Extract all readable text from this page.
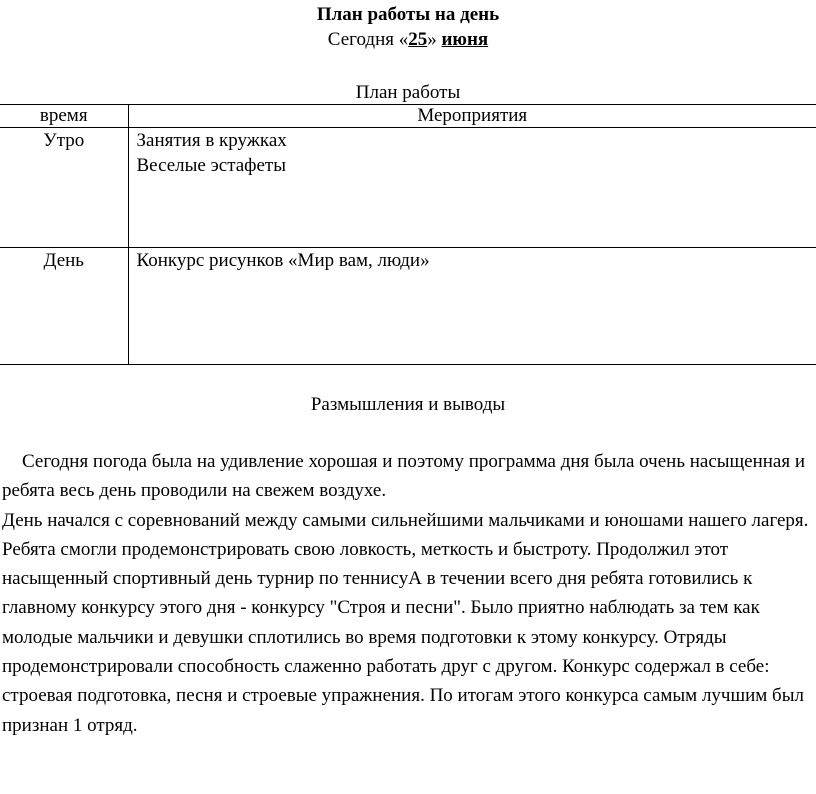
План работы на день
Сегодня «25» июня
План работы
время	Мероприятия
Утро	Занятия в кружках
Веселые эстафеты

День	Конкурс рисунков «Мир вам, люди»
Размышления и выводы

Сегодня погода была на удивление хорошая и поэтому программа дня была очень насыщенная и ребята весь день проводили на свежем воздухе.

День начался с соревнований между самыми сильнейшими мальчиками и юношами нашего лагеря. Ребята смогли продемонстрировать свою ловкость, меткость и быстроту. Продолжил этот насыщенный спортивный день турнир по теннисуА в течении всего дня ребята готовились к главному конкурсу этого дня - конкурсу "Строя и песни". Было приятно наблюдать за тем как молодые мальчики и девушки сплотились во время подготовки к этому конкурсу. Отряды продемонстрировали способность слаженно работать друг с другом. Конкурс содержал в себе: строевая подготовка, песня и строевые упражнения. По итогам этого конкурса самым лучшим был признан 1 отряд.
